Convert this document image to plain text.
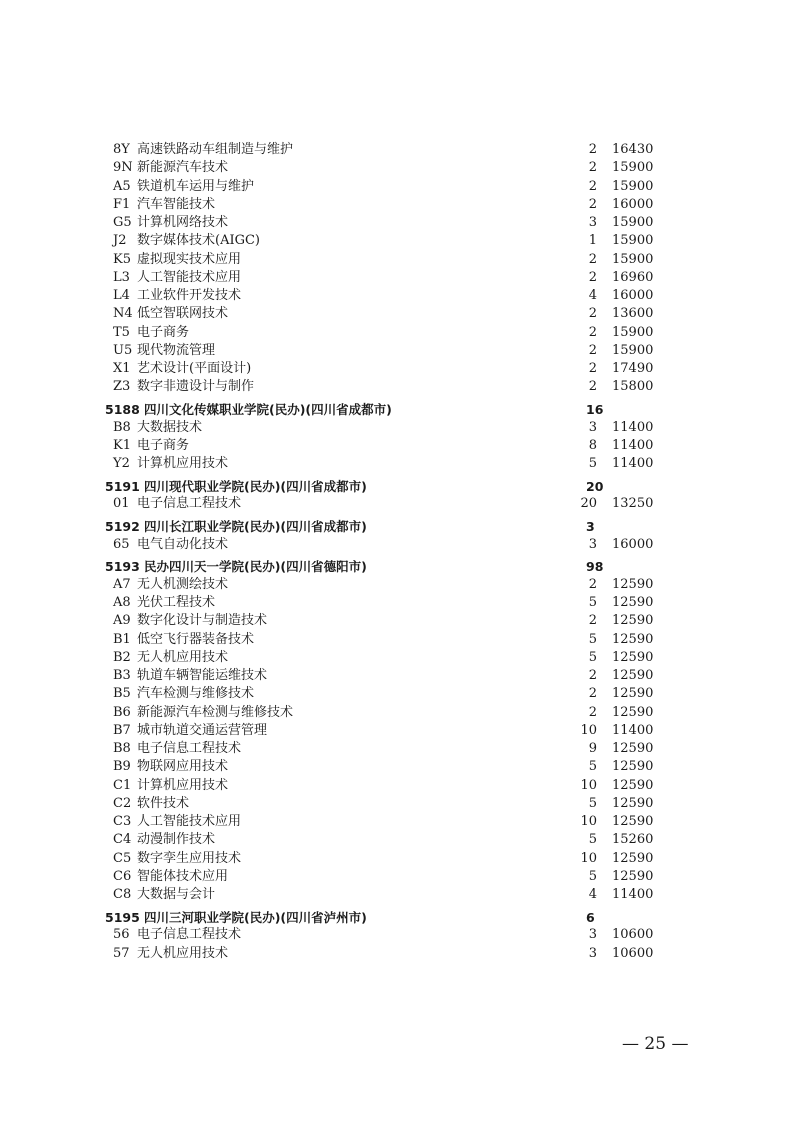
8Y 高速铁路动车组制造与维护	2 16430
9N 新能源汽车技术	2 15900
A5 铁道机车运用与维护	2 15900
F1 汽车智能技术	2 16000
G5 计算机网络技术	3 15900
J2 数字媒体技术(AIGC)	1 15900
K5 虚拟现实技术应用	2 15900
L3 人工智能技术应用	2 16960
L4 工业软件开发技术	4 16000
N4 低空智联网技术	2 13600
T5 电子商务	2 15900
U5 现代物流管理	2 15900
X1 艺术设计(平面设计)	2 17490
Z3 数字非遗设计与制作	2 15800
5188 四川文化传媒职业学院(民办)(四川省成都市)	16
B8 大数据技术	3 11400
K1 电子商务	8 11400
Y2 计算机应用技术	5 11400
5191 四川现代职业学院(民办)(四川省成都市)	20
01 电子信息工程技术	20 13250
5192 四川长江职业学院(民办)(四川省成都市)	3
65 电气自动化技术	3 16000
5193 民办四川天一学院(民办)(四川省德阳市)	98
A7 无人机测绘技术	2 12590
A8 光伏工程技术	5 12590
A9 数字化设计与制造技术	2 12590
B1 低空飞行器装备技术	5 12590
B2 无人机应用技术	5 12590
B3 轨道车辆智能运维技术	2 12590
B5 汽车检测与维修技术	2 12590
B6 新能源汽车检测与维修技术	2 12590
B7 城市轨道交通运营管理	10 11400
B8 电子信息工程技术	9 12590
B9 物联网应用技术	5 12590
C1 计算机应用技术	10 12590
C2 软件技术	5 12590
C3 人工智能技术应用	10 12590
C4 动漫制作技术	5 15260
C5 数字孪生应用技术	10 12590
C6 智能体技术应用	5 12590
C8 大数据与会计	4 11400
5195 四川三河职业学院(民办)(四川省泸州市)	6
56 电子信息工程技术	3 10600
57 无人机应用技术	3 10600
— 25 —
